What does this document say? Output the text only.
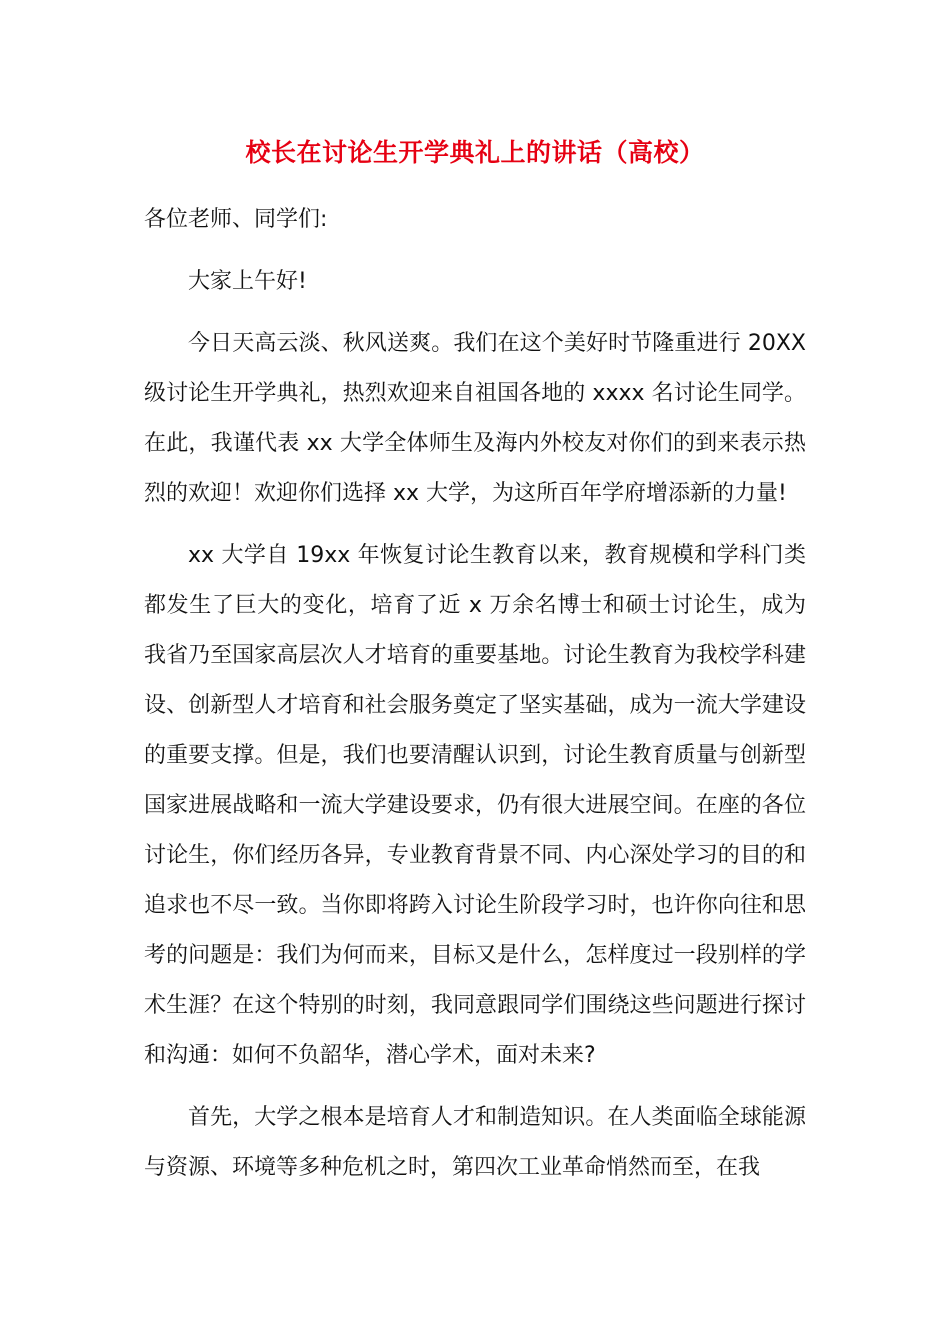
校长在讨论生开学典礼上的讲话（高校）

各位老师、同学们:

大家上午好!

今日天高云淡、秋风送爽。我们在这个美好时节隆重进行 20XX级讨论生开学典礼，热烈欢迎来自祖国各地的 xxxx 名讨论生同学。在此，我谨代表 xx 大学全体师生及海内外校友对你们的到来表示热烈的欢迎！欢迎你们选择 xx 大学，为这所百年学府增添新的力量!

xx 大学自 19xx 年恢复讨论生教育以来，教育规模和学科门类都发生了巨大的变化，培育了近 x 万余名博士和硕士讨论生，成为我省乃至国家高层次人才培育的重要基地。讨论生教育为我校学科建设、创新型人才培育和社会服务奠定了坚实基础，成为一流大学建设的重要支撑。但是，我们也要清醒认识到，讨论生教育质量与创新型国家进展战略和一流大学建设要求，仍有很大进展空间。在座的各位讨论生，你们经历各异，专业教育背景不同、内心深处学习的目的和追求也不尽一致。当你即将跨入讨论生阶段学习时，也许你向往和思考的问题是：我们为何而来，目标又是什么，怎样度过一段别样的学术生涯？在这个特别的时刻，我同意跟同学们围绕这些问题进行探讨和沟通：如何不负韶华，潜心学术，面对未来?

首先，大学之根本是培育人才和制造知识。在人类面临全球能源与资源、环境等多种危机之时，第四次工业革命悄然而至，在我
